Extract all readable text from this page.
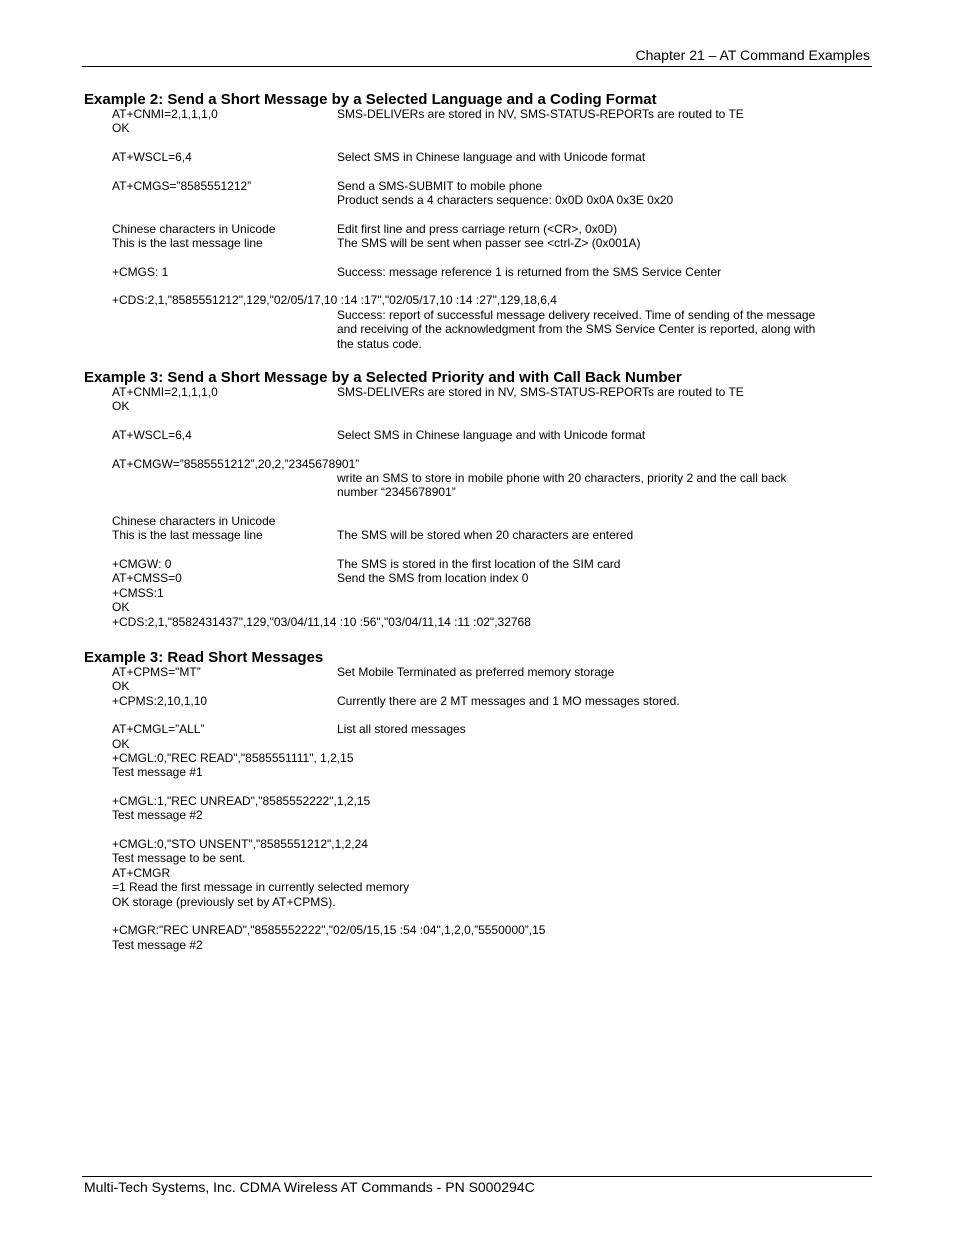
Chapter 21 – AT Command Examples
Example 2: Send a Short Message by a Selected Language and a Coding Format
AT+CNMI=2,1,1,1,0	SMS-DELIVERs are stored in NV, SMS-STATUS-REPORTs are routed to TE
OK
AT+WSCL=6,4	Select SMS in Chinese language and with Unicode format
AT+CMGS=”8585551212”	Send a SMS-SUBMIT to mobile phone
Product sends a 4 characters sequence: 0x0D 0x0A 0x3E 0x20
Chinese characters in Unicode	Edit first line and press carriage return (<CR>, 0x0D)
This is the last message line	The SMS will be sent when passer see <ctrl-Z> (0x001A)
+CMGS: 1	Success: message reference 1 is returned from the SMS Service Center
+CDS:2,1,"8585551212",129,"02/05/17,10 :14 :17","02/05/17,10 :14 :27",129,18,6,4
Success: report of successful message delivery received. Time of sending of the message
and receiving of the acknowledgment from the SMS Service Center is reported, along with
the status code.
Example 3: Send a Short Message by a Selected Priority and with Call Back Number
AT+CNMI=2,1,1,1,0	SMS-DELIVERs are stored in NV, SMS-STATUS-REPORTs are routed to TE
OK
AT+WSCL=6,4	Select SMS in Chinese language and with Unicode format
AT+CMGW=”8585551212”,20,2,”2345678901”
write an SMS to store in mobile phone with 20 characters, priority 2 and the call back
number “2345678901”
Chinese characters in Unicode
This is the last message line	The SMS will be stored when 20 characters are entered
+CMGW: 0	The SMS is stored in the first location of the SIM card
AT+CMSS=0	Send the SMS from location index 0
+CMSS:1
OK
+CDS:2,1,"8582431437",129,"03/04/11,14 :10 :56","03/04/11,14 :11 :02",32768
Example 3: Read Short Messages
AT+CPMS="MT”	Set Mobile Terminated as preferred memory storage
OK
+CPMS:2,10,1,10	Currently there are 2 MT messages and 1 MO messages stored.
AT+CMGL=”ALL”	List all stored messages
OK
+CMGL:0,"REC READ","8585551111", 1,2,15
Test message #1
+CMGL:1,"REC UNREAD","8585552222",1,2,15
Test message #2
+CMGL:0,"STO UNSENT","8585551212",1,2,24
Test message to be sent.
AT+CMGR
=1 Read the first message in currently selected memory
OK storage (previously set by AT+CPMS).
+CMGR:"REC UNREAD","8585552222","02/05/15,15 :54 :04",1,2,0,”5550000”,15
Test message #2
Multi-Tech Systems, Inc. CDMA Wireless AT Commands - PN S000294C
